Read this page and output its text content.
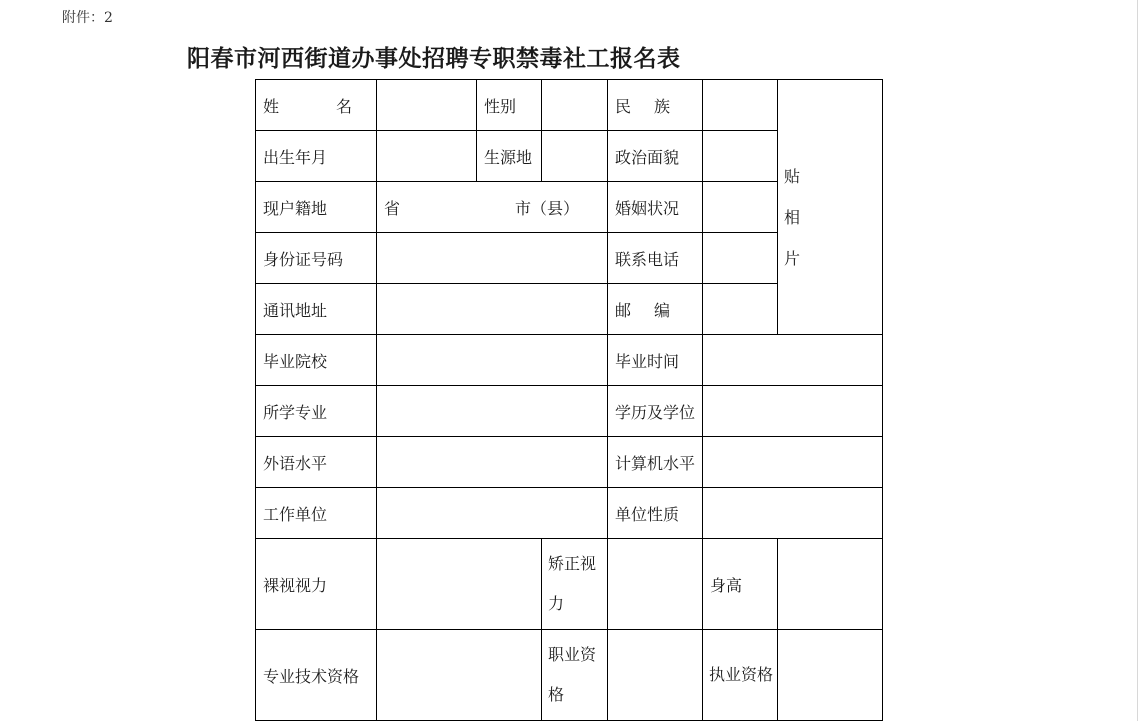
附件：2
阳春市河西街道办事处招聘专职禁毒社工报名表
姓 名		性别		民 族		贴
相
片

出生年月		生源地		政治面貌		
现户籍地	省 市（县）			婚姻状况		
身份证号码				联系电话		
通讯地址				邮 编		

毕业院校				毕业时间		
所学专业				学历及学位		
外语水平				计算机水平		
工作单位				单位性质		
裸视视力			矫正视力		身高	
专业技术资格			职业资格		执业资格	
